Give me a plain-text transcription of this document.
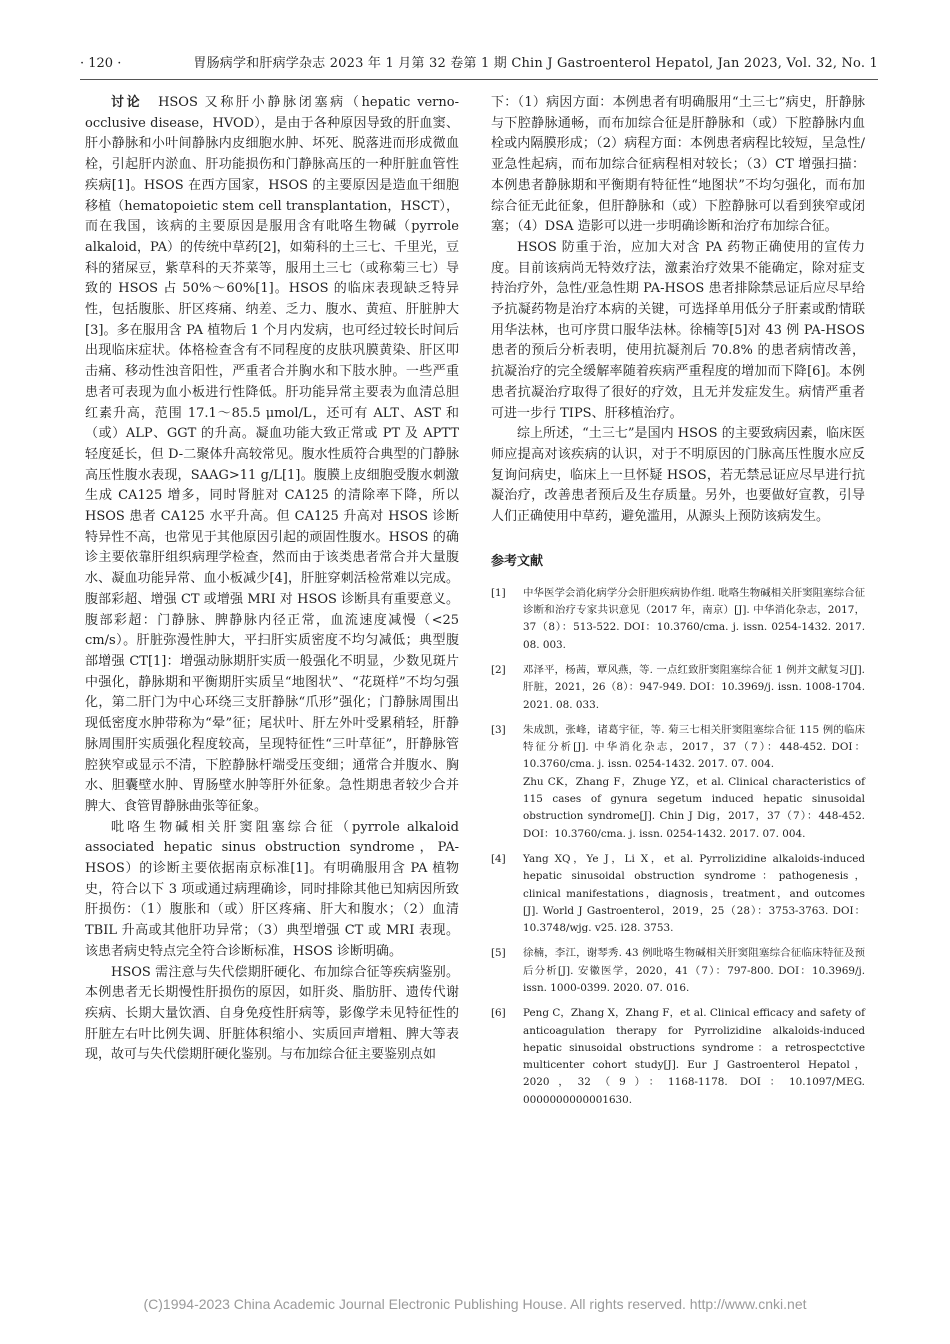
· 120 ·	胃肠病学和肝病学杂志 2023 年 1 月第 32 卷第 1 期 Chin J Gastroenterol Hepatol, Jan 2023, Vol. 32, No. 1

讨论　 HSOS 又称肝小静脉闭塞病（hepatic verno-occlusive disease，HVOD），是由于各种原因导致的肝血窦、肝小静脉和小叶间静脉内皮细胞水肿、坏死、脱落进而形成微血栓，引起肝内淤血、肝功能损伤和门静脉高压的一种肝脏血管性疾病[1]。HSOS 在西方国家，HSOS 的主要原因是造血干细胞移植（hematopoietic stem cell transplantation，HSCT），而在我国，该病的主要原因是服用含有吡咯生物碱（pyrrole alkaloid，PA）的传统中草药[2]，如菊科的土三七、千里光，豆科的猪屎豆，紫草科的天芥菜等，服用土三七（或称菊三七）导致的 HSOS 占 50%～60%[1]。HSOS 的临床表现缺乏特异性，包括腹胀、肝区疼痛、纳差、乏力、腹水、黄疸、肝脏肿大[3]。多在服用含 PA 植物后 1 个月内发病，也可经过较长时间后出现临床症状。体格检查含有不同程度的皮肤巩膜黄染、肝区叩击痛、移动性浊音阳性，严重者合并胸水和下肢水肿。一些严重患者可表现为血小板进行性降低。肝功能异常主要表为血清总胆红素升高，范围 17.1～85.5 μmol/L，还可有 ALT、AST 和（或）ALP、GGT 的升高。凝血功能大致正常或 PT 及 APTT 轻度延长，但 D-二聚体升高较常见。腹水性质符合典型的门静脉高压性腹水表现，SAAG>11 g/L[1]。腹膜上皮细胞受腹水刺激生成 CA125 增多，同时肾脏对 CA125 的清除率下降，所以 HSOS 患者 CA125 水平升高。但 CA125 升高对 HSOS 诊断特异性不高，也常见于其他原因引起的顽固性腹水。HSOS 的确诊主要依靠肝组织病理学检查，然而由于该类患者常合并大量腹水、凝血功能异常、血小板减少[4]，肝脏穿刺活检常难以完成。腹部彩超、增强 CT 或增强 MRI 对 HSOS 诊断具有重要意义。腹部彩超：门静脉、脾静脉内径正常，血流速度减慢（<25 cm/s）。肝脏弥漫性肿大，平扫肝实质密度不均匀减低；典型腹部增强 CT[1]：增强动脉期肝实质一般强化不明显，少数见斑片中强化，静脉期和平衡期肝实质呈“地图状”、“花斑样”不均匀强化，第二肝门为中心环绕三支肝静脉“爪形”强化；门静脉周围出现低密度水肿带称为“晕”征；尾状叶、肝左外叶受累稍轻，肝静脉周围肝实质强化程度较高，呈现特征性“三叶草征”，肝静脉管腔狭窄或显示不清，下腔静脉杆端受压变细；通常合并腹水、胸水、胆囊壁水肿、胃肠壁水肿等肝外征象。急性期患者较少合并脾大、食管胃静脉曲张等征象。

吡咯生物碱相关肝窦阻塞综合征（pyrrole alkaloid associated hepatic sinus obstruction syndrome，PA-HSOS）的诊断主要依据南京标准[1]。有明确服用含 PA 植物史，符合以下 3 项或通过病理确诊，同时排除其他已知病因所致肝损伤：（1）腹胀和（或）肝区疼痛、肝大和腹水；（2）血清 TBIL 升高或其他肝功异常；（3）典型增强 CT 或 MRI 表现。该患者病史特点完全符合诊断标准，HSOS 诊断明确。

HSOS 需注意与失代偿期肝硬化、布加综合征等疾病鉴别。本例患者无长期慢性肝损伤的原因，如肝炎、脂肪肝、遗传代谢疾病、长期大量饮酒、自身免疫性肝病等，影像学未见特征性的肝脏左右叶比例失调、肝脏体积缩小、实质回声增粗、脾大等表现，故可与失代偿期肝硬化鉴别。与布加综合征主要鉴别点如

下：（1）病因方面：本例患者有明确服用“土三七”病史，肝静脉与下腔静脉通畅，而布加综合征是肝静脉和（或）下腔静脉内血栓或内隔膜形成；（2）病程方面：本例患者病程比较短，呈急性/亚急性起病，而布加综合征病程相对较长；（3）CT 增强扫描：本例患者静脉期和平衡期有特征性“地图状”不均匀强化，而布加综合征无此征象，但肝静脉和（或）下腔静脉可以看到狭窄或闭塞；（4）DSA 造影可以进一步明确诊断和治疗布加综合征。

HSOS 防重于治，应加大对含 PA 药物正确使用的宣传力度。目前该病尚无特效疗法，激素治疗效果不能确定，除对症支持治疗外，急性/亚急性期 PA-HSOS 患者排除禁忌证后应尽早给予抗凝药物是治疗本病的关键，可选择单用低分子肝素或酌情联用华法林，也可序贯口服华法林。徐楠等[5]对 43 例 PA-HSOS 患者的预后分析表明，使用抗凝剂后 70.8% 的患者病情改善，抗凝治疗的完全缓解率随着疾病严重程度的增加而下降[6]。本例患者抗凝治疗取得了很好的疗效，且无并发症发生。病情严重者可进一步行 TIPS、肝移植治疗。

综上所述，“土三七”是国内 HSOS 的主要致病因素，临床医师应提高对该疾病的认识，对于不明原因的门脉高压性腹水应反复询问病史，临床上一旦怀疑 HSOS，若无禁忌证应尽早进行抗凝治疗，改善患者预后及生存质量。另外，也要做好宣教，引导人们正确使用中草药，避免滥用，从源头上预防该病发生。

参考文献
[1] 中华医学会消化病学分会肝胆疾病协作组. 吡咯生物碱相关肝窦阻塞综合征诊断和治疗专家共识意见（2017 年，南京）[J]. 中华消化杂志，2017，37（8）：513-522. DOI：10.3760/cma. j. issn. 0254-1432. 2017. 08. 003.
[2] 邓泽平，杨茜，覃风燕，等. 一点红致肝窦阻塞综合征 1 例并文献复习[J]. 肝脏，2021，26（8）：947-949. DOI：10.3969/j. issn. 1008-1704. 2021. 08. 033.
[3] 朱成凯，张峰，诸葛宇征，等. 菊三七相关肝窦阻塞综合征 115 例的临床特征分析[J]. 中华消化杂志，2017，37（7）：448-452. DOI：10.3760/cma. j. issn. 0254-1432. 2017. 07. 004.
Zhu CK，Zhang F，Zhuge YZ，et al. Clinical characteristics of 115 cases of gynura segetum induced hepatic sinusoidal obstruction syndrome[J]. Chin J Dig，2017，37（7）：448-452. DOI：10.3760/cma. j. issn. 0254-1432. 2017. 07. 004.
[4] Yang XQ，Ye J，Li X，et al. Pyrrolizidine alkaloids-induced hepatic sinusoidal obstruction syndrome：pathogenesis，clinical manifestations，diagnosis，treatment，and outcomes [J]. World J Gastroenterol，2019，25（28）：3753-3763. DOI：10.3748/wjg. v25. i28. 3753.
[5] 徐楠，李江，谢琴秀. 43 例吡咯生物碱相关肝窦阻塞综合征临床特征及预后分析[J]. 安徽医学，2020，41（7）：797-800. DOI：10.3969/j. issn. 1000-0399. 2020. 07. 016.
[6] Peng C，Zhang X，Zhang F，et al. Clinical efficacy and safety of anticoagulation therapy for Pyrrolizidine alkaloids-induced hepatic sinusoidal obstructions syndrome：a retrospectctive multicenter cohort study[J]. Eur J Gastroenterol Hepatol，2020，32（9）：1168-1178. DOI：10.1097/MEG. 0000000000001630.
(C)1994-2023 China Academic Journal Electronic Publishing House. All rights reserved. http://www.cnki.net
